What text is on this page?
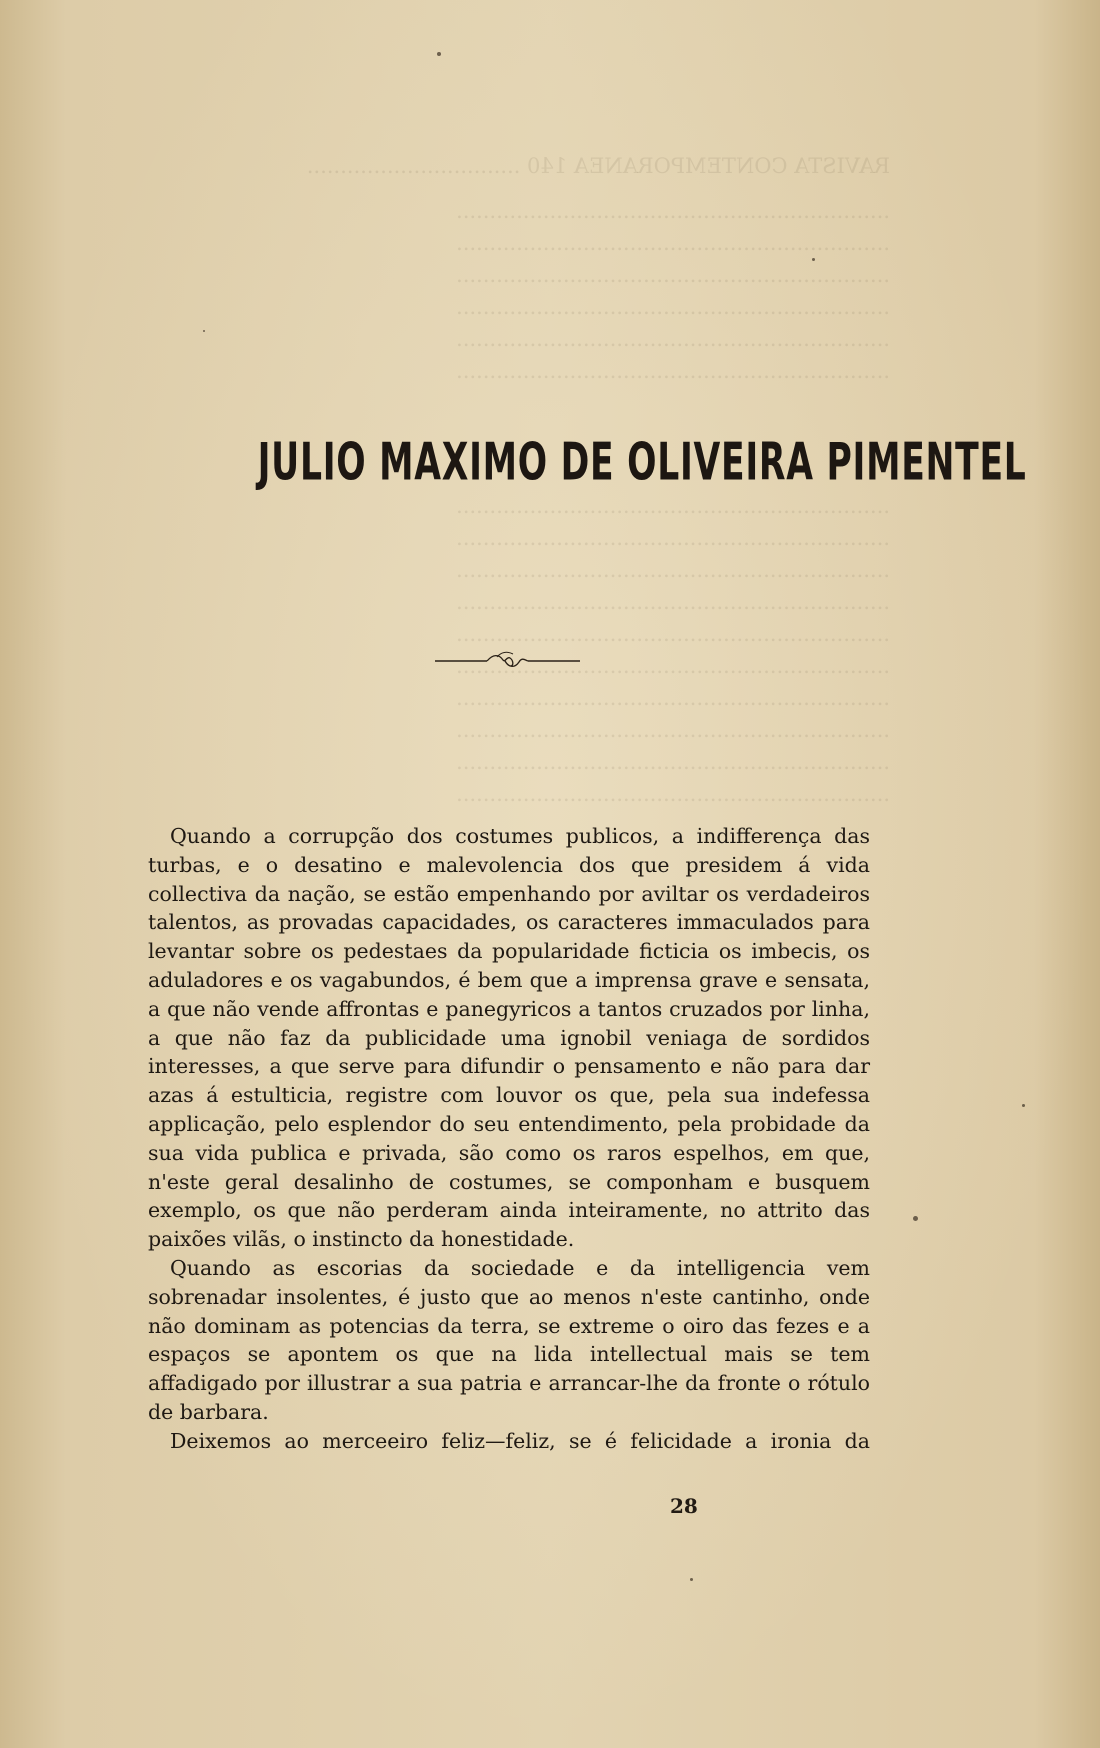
RAVISTA CONTEMPORANEA 140 ................................
.................................................................
.................................................................
.................................................................
.................................................................
.................................................................
.................................................................
.................................................................
.................................................................
.................................................................
.................................................................
.................................................................
.................................................................
.................................................................
.................................................................
.................................................................
.................................................................
JULIO MAXIMO DE OLIVEIRA PIMENTEL

Quando a corrupção dos costumes publicos, a indifferença das turbas, e o desatino e malevolencia dos que presidem á vida collectiva da nação, se estão empenhando por aviltar os verdadeiros talentos, as provadas capacidades, os caracteres immaculados para levantar sobre os pedestaes da popularidade ficticia os imbecis, os aduladores e os vagabundos, é bem que a imprensa grave e sensata, a que não vende affrontas e panegyricos a tantos cruzados por linha, a que não faz da publicidade uma ignobil veniaga de sordidos interesses, a que serve para difundir o pensamento e não para dar azas á estulticia, registre com louvor os que, pela sua indefessa applicação, pelo esplendor do seu entendimento, pela probidade da sua vida publica e privada, são como os raros espelhos, em que, n'este geral desalinho de costumes, se componham e busquem exemplo, os que não perderam ainda inteiramente, no attrito das paixões vilãs, o instincto da honestidade.

Quando as escorias da sociedade e da intelligencia vem sobrenadar insolentes, é justo que ao menos n'este cantinho, onde não dominam as potencias da terra, se extreme o oiro das fezes e a espaços se apontem os que na lida intellectual mais se tem affadigado por illustrar a sua patria e arrancar-lhe da fronte o rótulo de barbara.

Deixemos ao merceeiro feliz—feliz, se é felicidade a ironia da

28
